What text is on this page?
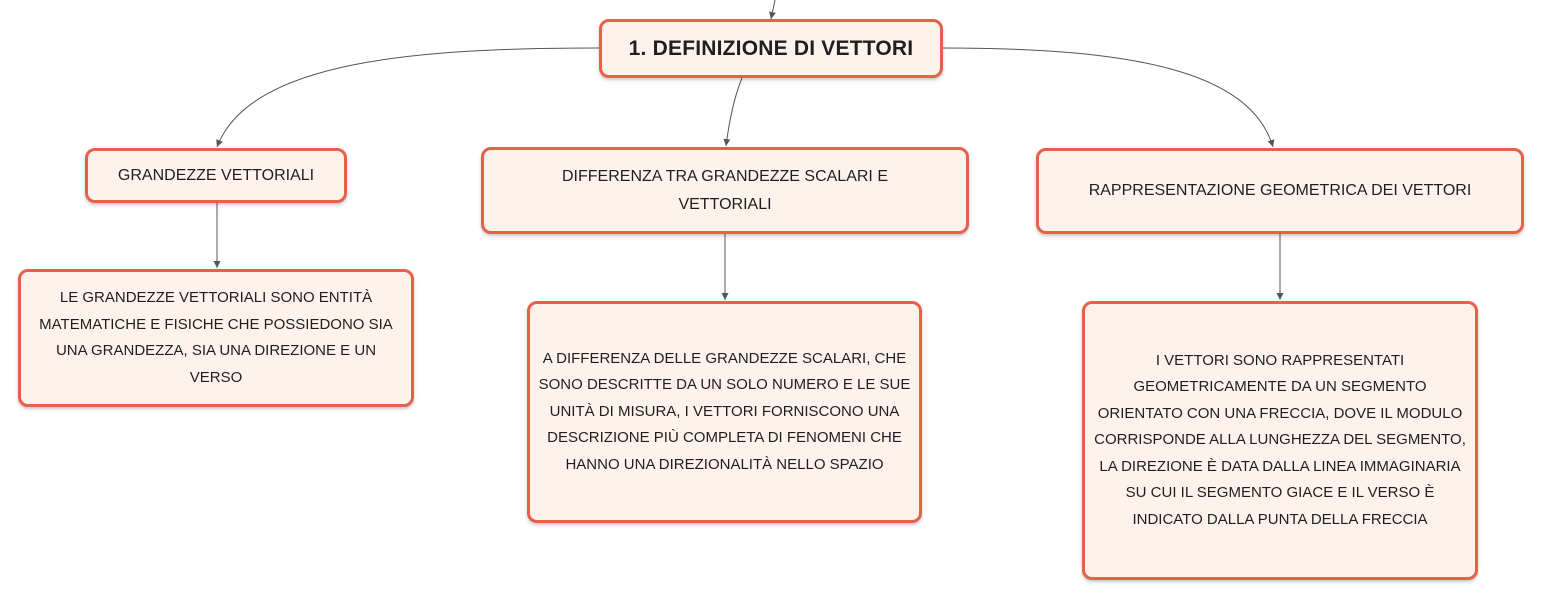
1. DEFINIZIONE DI VETTORI
GRANDEZZE VETTORIALI	DIFFERENZA TRA GRANDEZZE SCALARI E VETTORIALI
RAPPRESENTAZIONE GEOMETRICA DEI VETTORI
LE GRANDEZZE VETTORIALI SONO ENTITÀ MATEMATICHE E FISICHE CHE POSSIEDONO SIA UNA GRANDEZZA, SIA UNA DIREZIONE E UN VERSO
A DIFFERENZA DELLE GRANDEZZE SCALARI, CHE SONO DESCRITTE DA UN SOLO NUMERO E LE SUE UNITÀ DI MISURA, I VETTORI FORNISCONO UNA DESCRIZIONE PIÙ COMPLETA DI FENOMENI CHE HANNO UNA DIREZIONALITÀ NELLO SPAZIO
I VETTORI SONO RAPPRESENTATI GEOMETRICAMENTE DA UN SEGMENTO ORIENTATO CON UNA FRECCIA, DOVE IL MODULO CORRISPONDE ALLA LUNGHEZZA DEL SEGMENTO, LA DIREZIONE È DATA DALLA LINEA IMMAGINARIA SU CUI IL SEGMENTO GIACE E IL VERSO È INDICATO DALLA PUNTA DELLA FRECCIA
